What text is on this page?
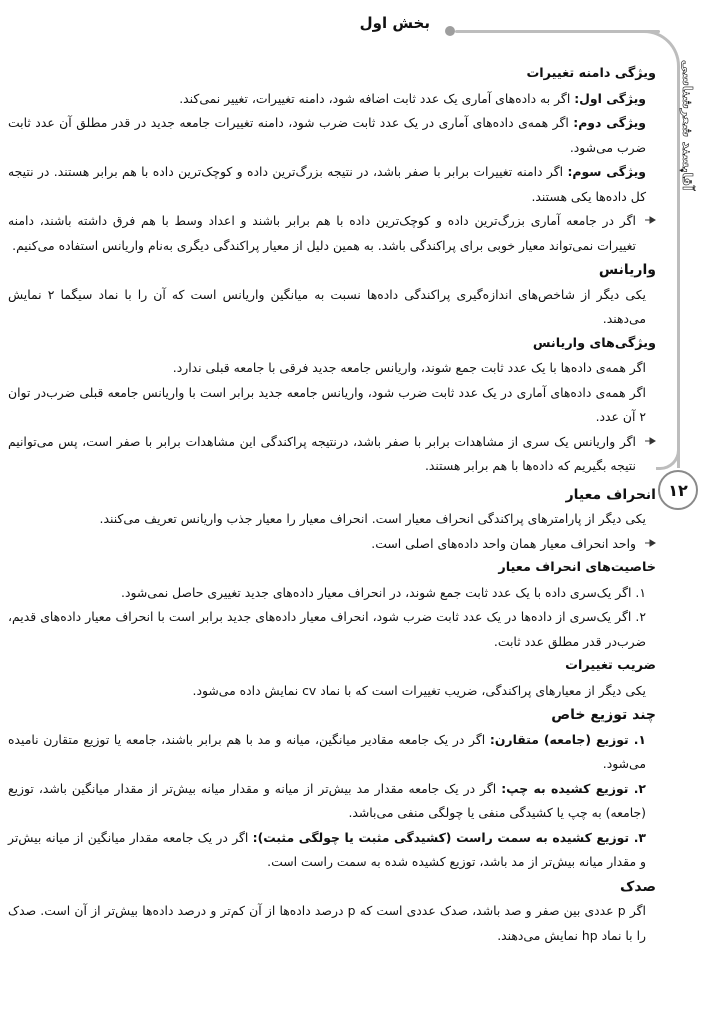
بخش اول
آقاپسند شعرشناسی
۱۲

ویژگی دامنه تغییرات

ویژگی اول: اگر به داده‌های آماری یک عدد ثابت اضافه شود، دامنه تغییرات، تغییر نمی‌کند.

ویژگی دوم: اگر همه‌ی داده‌های آماری در یک عدد ثابت ضرب شود، دامنه تغییرات جامعه جدید در قدر مطلق آن عدد ثابت ضرب می‌شود.

ویژگی سوم: اگر دامنه تغییرات برابر با صفر باشد، در نتیجه بزرگ‌ترین داده و کوچک‌ترین داده با هم برابر هستند. در نتیجه کل داده‌ها یکی هستند.

اگر در جامعه آماری بزرگ‌ترین داده و کوچک‌ترین داده با هم برابر باشند و اعداد وسط با هم فرق داشته باشند، دامنه تغییرات نمی‌تواند معیار خوبی برای پراکندگی باشد. به همین دلیل از معیار پراکندگی دیگری به‌نام واریانس استفاده می‌کنیم.

واریانس

یکی دیگر از شاخص‌های اندازه‌گیری پراکندگی داده‌ها نسبت به میانگین واریانس است که آن را با نماد سیگما ۲ نمایش می‌دهند.

ویژگی‌های واریانس

اگر همه‌ی داده‌ها با یک عدد ثابت جمع شوند، واریانس جامعه جدید فرقی با جامعه قبلی ندارد.

اگر همه‌ی داده‌های آماری در یک عدد ثابت ضرب شود، واریانس جامعه جدید برابر است با واریانس جامعه قبلی ضرب‌در توان ۲ آن عدد.

اگر واریانس یک سری از مشاهدات برابر با صفر باشد، درنتیجه پراکندگی این مشاهدات برابر با صفر است، پس می‌توانیم نتیجه بگیریم که داده‌ها با هم برابر هستند.

انحراف معیار

یکی دیگر از پارامترهای پراکندگی انحراف معیار است. انحراف معیار را معیار جذب واریانس تعریف می‌کنند.

واحد انحراف معیار همان واحد داده‌های اصلی است.

خاصیت‌های انحراف معیار

۱. اگر یک‌سری داده با یک عدد ثابت جمع شوند، در انحراف معیار داده‌های جدید تغییری حاصل نمی‌شود.

۲. اگر یک‌سری از داده‌ها در یک عدد ثابت ضرب شود، انحراف معیار داده‌های جدید برابر است با انحراف معیار داده‌های قدیم، ضرب‌در قدر مطلق عدد ثابت.

ضریب تغییرات

یکی دیگر از معیارهای پراکندگی، ضریب تغییرات است که با نماد cv نمایش داده می‌شود.

چند توزیع خاص

۱. توزیع (جامعه) متقارن: اگر در یک جامعه مقادیر میانگین، میانه و مد با هم برابر باشند، جامعه یا توزیع متقارن نامیده می‌شود.

۲. توزیع کشیده به چپ: اگر در یک جامعه مقدار مد بیش‌تر از میانه و مقدار میانه بیش‌تر از مقدار میانگین باشد، توزیع (جامعه) به چپ یا کشیدگی منفی یا چولگی منفی می‌باشد.

۳. توزیع کشیده به سمت راست (کشیدگی مثبت یا چولگی مثبت): اگر در یک جامعه مقدار میانگین از میانه بیش‌تر و مقدار میانه بیش‌تر از مد باشد، توزیع کشیده شده به سمت راست است.

صدک

اگر p عددی بین صفر و صد باشد، صدک عددی است که p درصد داده‌ها از آن کم‌تر و درصد داده‌ها بیش‌تر از آن است. صدک را با نماد hp نمایش می‌دهند.
